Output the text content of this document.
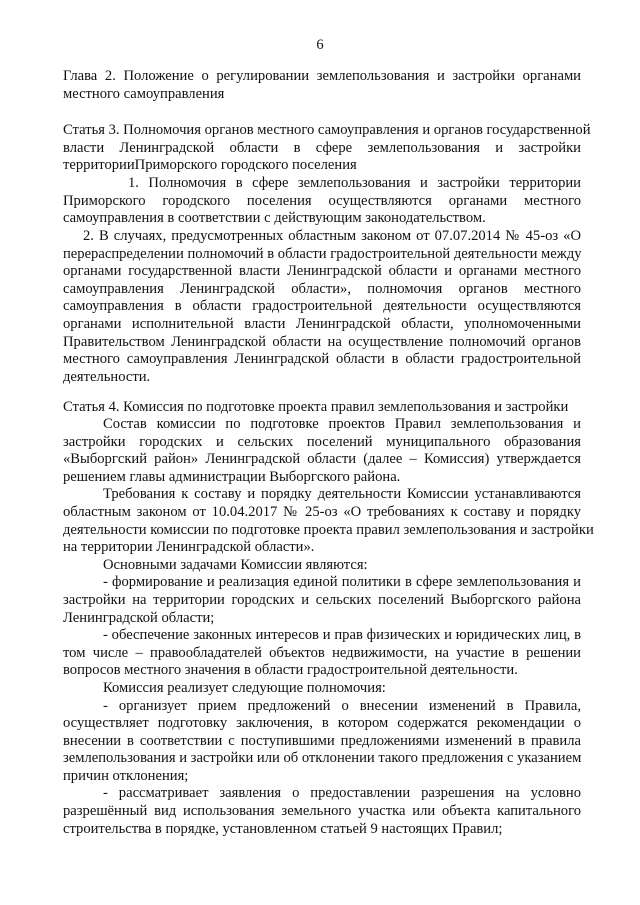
6
Глава 2. Положение о регулировании землепользования и застройки органами
местного самоуправления
Статья 3. Полномочия органов местного самоуправления и органов государственной
власти Ленинградской области в сфере землепользования и застройки
территорииПриморского городского поселения
1. Полномочия в сфере землепользования и застройки территории
Приморского городского поселения осуществляются органами местного
самоуправления в соответствии с действующим законодательством.
2. В случаях, предусмотренных областным законом от 07.07.2014 № 45-оз «О
перераспределении полномочий в области градостроительной деятельности между
органами государственной власти Ленинградской области и органами местного
самоуправления Ленинградской области», полномочия органов местного
самоуправления в области градостроительной деятельности осуществляются
органами исполнительной власти Ленинградской области, уполномоченными
Правительством Ленинградской области на осуществление полномочий органов
местного самоуправления Ленинградской области в области градостроительной
деятельности.
Статья 4. Комиссия по подготовке проекта правил землепользования и застройки
Состав комиссии по подготовке проектов Правил землепользования и
застройки городских и сельских поселений муниципального образования
«Выборгский район» Ленинградской области (далее – Комиссия) утверждается
решением главы администрации Выборгского района.
Требования к составу и порядку деятельности Комиссии устанавливаются
областным законом от 10.04.2017 № 25-оз «О требованиях к составу и порядку
деятельности комиссии по подготовке проекта правил землепользования и застройки
на территории Ленинградской области».
Основными задачами Комиссии являются:
- формирование и реализация единой политики в сфере землепользования и
застройки на территории городских и сельских поселений Выборгского района
Ленинградской области;
- обеспечение законных интересов и прав физических и юридических лиц, в
том числе – правообладателей объектов недвижимости, на участие в решении
вопросов местного значения в области градостроительной деятельности.
Комиссия реализует следующие полномочия:
- организует прием предложений о внесении изменений в Правила,
осуществляет подготовку заключения, в котором содержатся рекомендации о
внесении в соответствии с поступившими предложениями изменений в правила
землепользования и застройки или об отклонении такого предложения с указанием
причин отклонения;
- рассматривает заявления о предоставлении разрешения на условно
разрешённый вид использования земельного участка или объекта капитального
строительства в порядке, установленном статьей 9 настоящих Правил;
